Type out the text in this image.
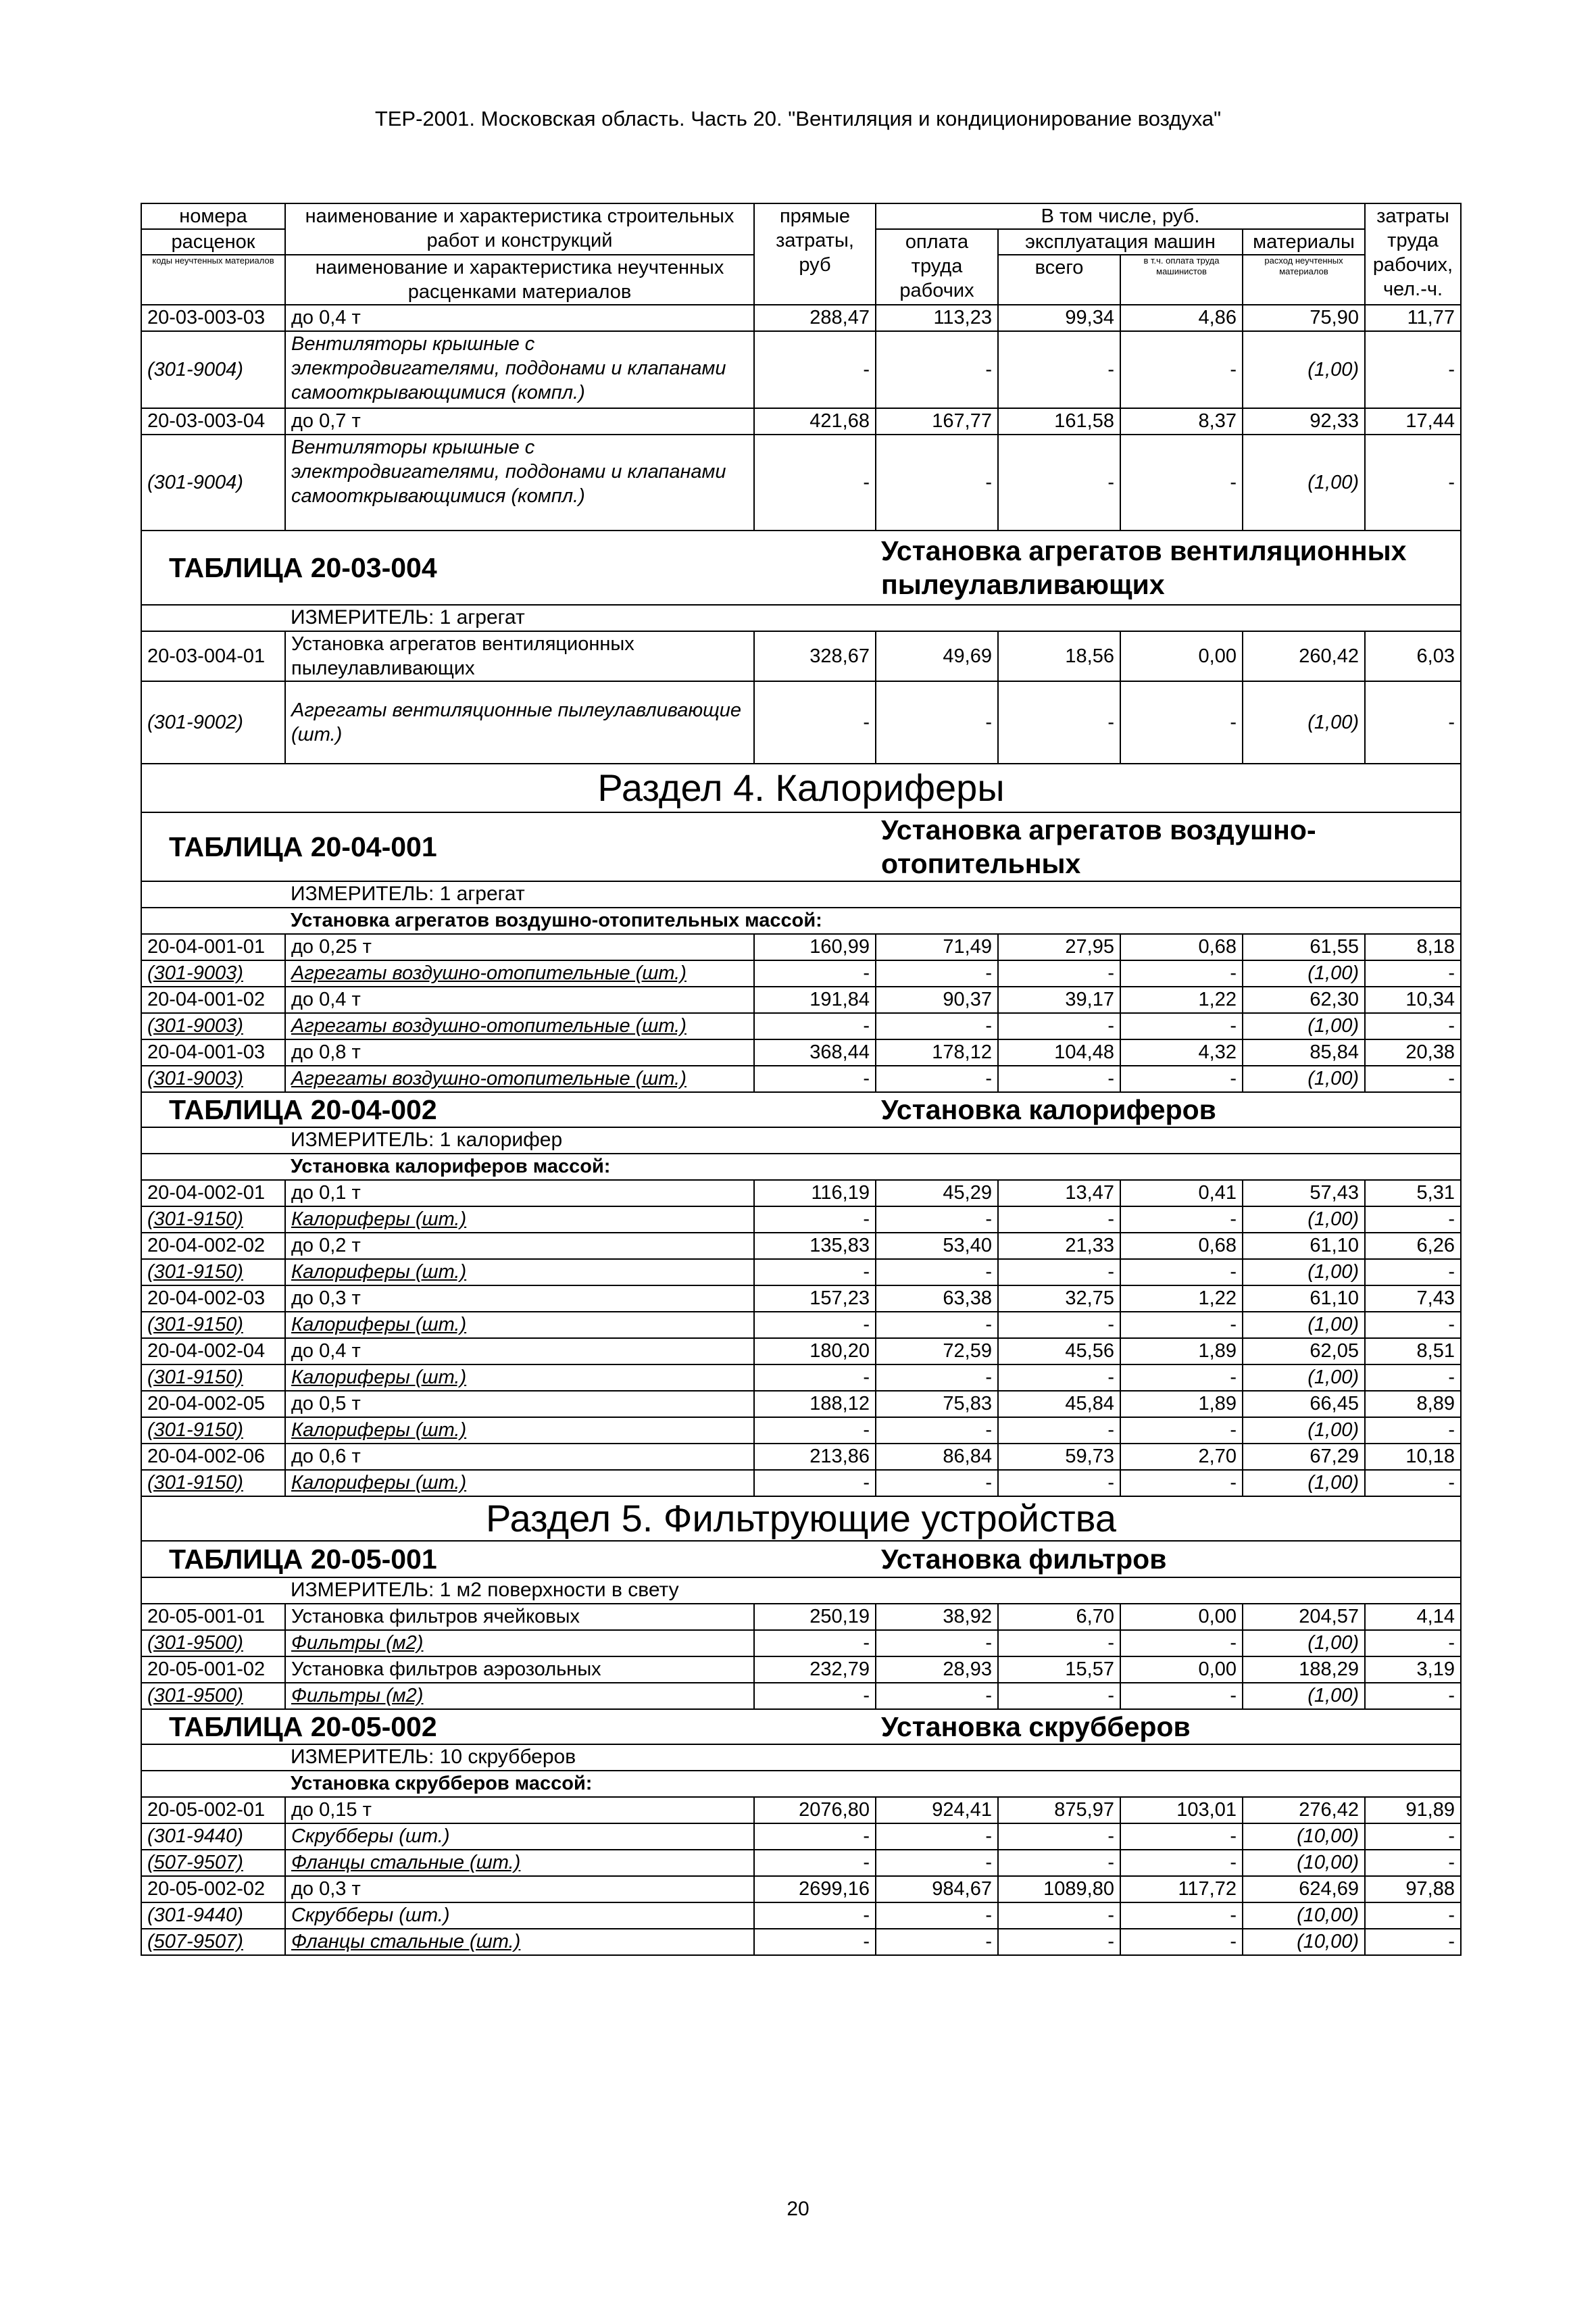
ТЕР-2001. Московская область. Часть 20. "Вентиляция и кондиционирование воздуха"
номера	наименование и характеристика строительных работ и конструкций	прямые затраты, руб	В том числе, руб.				затраты труда рабочих, чел.-ч.	
расценок			оплата труда рабочих	эксплуатация машин		материалы		
коды неучтенных материалов	наименование и характеристика неучтенных расценками материалов			всего	в т.ч. оплата труда машинистов	расход неучтенных материалов		

20-03-003-03	до 0,4 т	288,47	113,23	99,34	4,86	75,90	11,77	
(301-9004)	Вентиляторы крышные с электродвигателями, поддонами и клапанами самооткрывающимися (компл.)	-	-	-	-	(1,00)	-	
20-03-003-04	до 0,7 т	421,68	167,77	161,58	8,37	92,33	17,44	
(301-9004)	Вентиляторы крышные с электродвигателями, поддонами и клапанами самооткрывающимися (компл.)	-	-	-	-	(1,00)	-	
ТАБЛИЦА 20-03-004			Установка агрегатов вентиляционных пылеулавливающих					
	ИЗМЕРИТЕЛЬ: 1 агрегат							
20-03-004-01	Установка агрегатов вентиляционных пылеулавливающих	328,67	49,69	18,56	0,00	260,42	6,03	
(301-9002)	Агрегаты вентиляционные пылеулавливающие (шт.)	-	-	-	-	(1,00)	-	
Раздел 4. Калориферы								
ТАБЛИЦА 20-04-001			Установка агрегатов воздушно-отопительных					
	ИЗМЕРИТЕЛЬ: 1 агрегат							
	Установка агрегатов воздушно-отопительных массой:							
20-04-001-01	до 0,25 т	160,99	71,49	27,95	0,68	61,55	8,18	
(301-9003)	Агрегаты воздушно-отопительные (шт.)	-	-	-	-	(1,00)	-	
20-04-001-02	до 0,4 т	191,84	90,37	39,17	1,22	62,30	10,34	
(301-9003)	Агрегаты воздушно-отопительные (шт.)	-	-	-	-	(1,00)	-	
20-04-001-03	до 0,8 т	368,44	178,12	104,48	4,32	85,84	20,38	
(301-9003)	Агрегаты воздушно-отопительные (шт.)	-	-	-	-	(1,00)	-	
ТАБЛИЦА 20-04-002			Установка калориферов					
	ИЗМЕРИТЕЛЬ: 1 калорифер							
	Установка калориферов массой:							
20-04-002-01	до 0,1 т	116,19	45,29	13,47	0,41	57,43	5,31	
(301-9150)	Калориферы (шт.)	-	-	-	-	(1,00)	-	
20-04-002-02	до 0,2 т	135,83	53,40	21,33	0,68	61,10	6,26	
(301-9150)	Калориферы (шт.)	-	-	-	-	(1,00)	-	
20-04-002-03	до 0,3 т	157,23	63,38	32,75	1,22	61,10	7,43	
(301-9150)	Калориферы (шт.)	-	-	-	-	(1,00)	-	
20-04-002-04	до 0,4 т	180,20	72,59	45,56	1,89	62,05	8,51	
(301-9150)	Калориферы (шт.)	-	-	-	-	(1,00)	-	
20-04-002-05	до 0,5 т	188,12	75,83	45,84	1,89	66,45	8,89	
(301-9150)	Калориферы (шт.)	-	-	-	-	(1,00)	-	
20-04-002-06	до 0,6 т	213,86	86,84	59,73	2,70	67,29	10,18	
(301-9150)	Калориферы (шт.)	-	-	-	-	(1,00)	-	
Раздел 5. Фильтрующие устройства								
ТАБЛИЦА 20-05-001			Установка фильтров					
	ИЗМЕРИТЕЛЬ: 1 м2 поверхности в свету							
20-05-001-01	Установка фильтров ячейковых	250,19	38,92	6,70	0,00	204,57	4,14	
(301-9500)	Фильтры (м2)	-	-	-	-	(1,00)	-	
20-05-001-02	Установка фильтров аэрозольных	232,79	28,93	15,57	0,00	188,29	3,19	
(301-9500)	Фильтры (м2)	-	-	-	-	(1,00)	-	
ТАБЛИЦА 20-05-002			Установка скрубберов					
	ИЗМЕРИТЕЛЬ: 10 скрубберов							
	Установка скрубберов массой:							
20-05-002-01	до 0,15 т	2076,80	924,41	875,97	103,01	276,42	91,89	
(301-9440)	Скрубберы (шт.)	-	-	-	-	(10,00)	-	
(507-9507)	Фланцы стальные (шт.)	-	-	-	-	(10,00)	-	
20-05-002-02	до 0,3 т	2699,16	984,67	1089,80	117,72	624,69	97,88	
(301-9440)	Скрубберы (шт.)	-	-	-	-	(10,00)	-	
(507-9507)	Фланцы стальные (шт.)	-	-	-	-	(10,00)	-	
20
